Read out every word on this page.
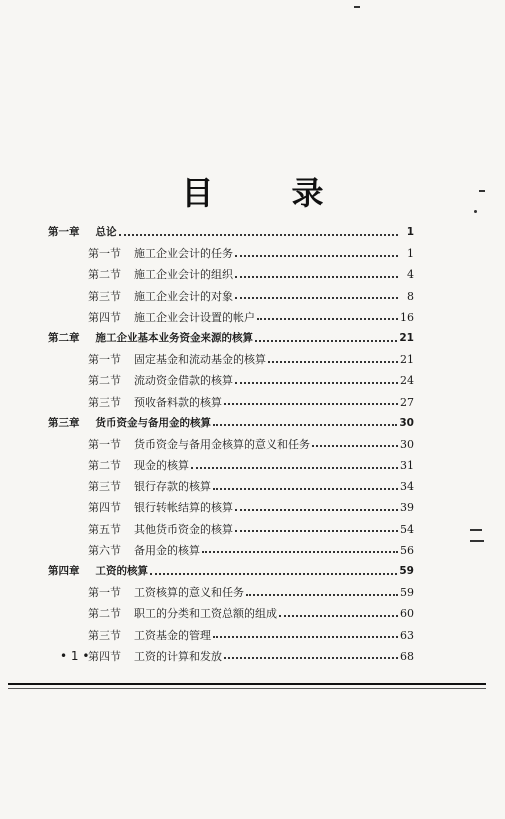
目 录
第一章 总论	1
第一节 施工企业会计的任务	1
第二节 施工企业会计的组织	4
第三节 施工企业会计的对象	8
第四节 施工企业会计设置的帐户	16
第二章 施工企业基本业务资金来源的核算	21
第一节 固定基金和流动基金的核算	21
第二节 流动资金借款的核算	24
第三节 预收备料款的核算	27
第三章 货币资金与备用金的核算	30
第一节 货币资金与备用金核算的意义和任务	30
第二节 现金的核算	31
第三节 银行存款的核算	34
第四节 银行转帐结算的核算	39
第五节 其他货币资金的核算	54
第六节 备用金的核算	56
第四章 工资的核算	59
第一节 工资核算的意义和任务	59
第二节 职工的分类和工资总额的组成	60
第三节 工资基金的管理	63
第四节 工资的计算和发放	68
• 1 •
